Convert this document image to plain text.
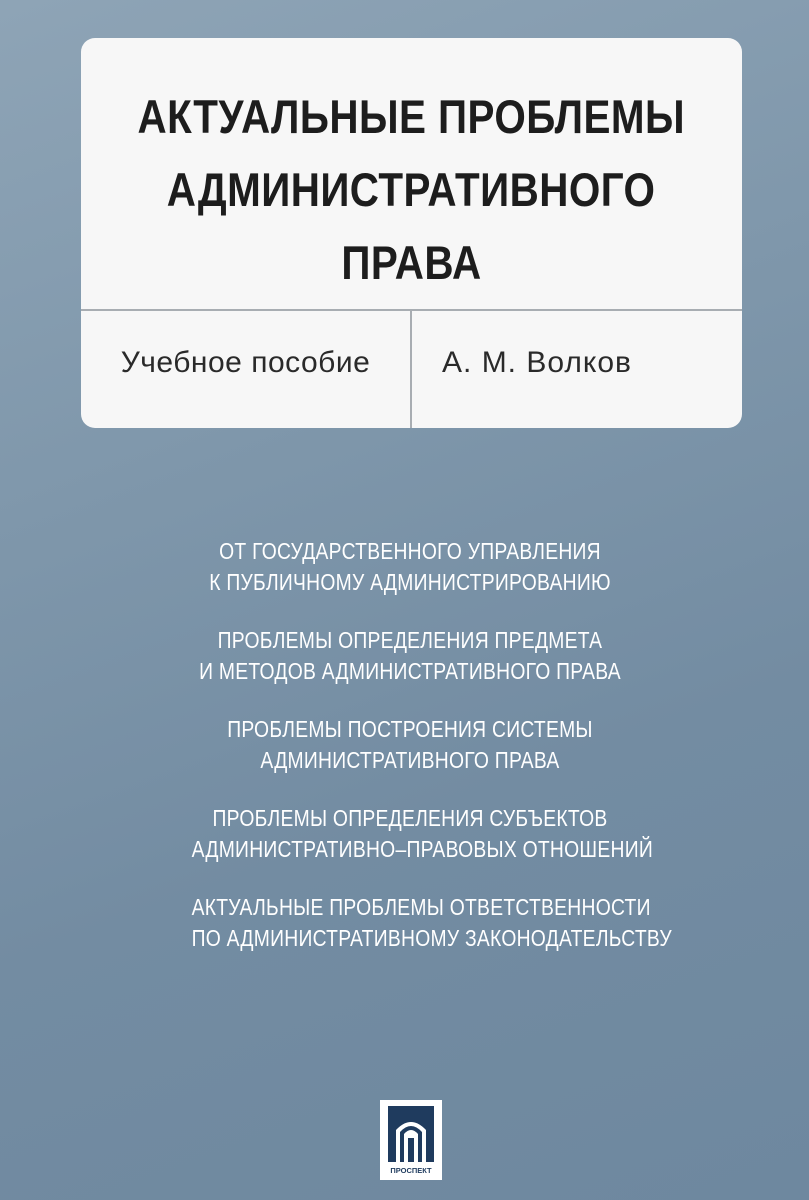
АКТУАЛЬНЫЕ ПРОБЛЕМЫ
АДМИНИСТРАТИВНОГО
ПРАВА
Учебное пособие	А. М. Волков
ОТ ГОСУДАРСТВЕННОГО УПРАВЛЕНИЯ
К ПУБЛИЧНОМУ АДМИНИСТРИРОВАНИЮ
ПРОБЛЕМЫ ОПРЕДЕЛЕНИЯ ПРЕДМЕТА
И МЕТОДОВ АДМИНИСТРАТИВНОГО ПРАВА
ПРОБЛЕМЫ ПОСТРОЕНИЯ СИСТЕМЫ
АДМИНИСТРАТИВНОГО ПРАВА
ПРОБЛЕМЫ ОПРЕДЕЛЕНИЯ СУБЪЕКТОВ
АДМИНИСТРАТИВНО–ПРАВОВЫХ ОТНОШЕНИЙ
АКТУАЛЬНЫЕ ПРОБЛЕМЫ ОТВЕТСТВЕННОСТИ
ПО АДМИНИСТРАТИВНОМУ ЗАКОНОДАТЕЛЬСТВУ
ПРОСПЕКТ
